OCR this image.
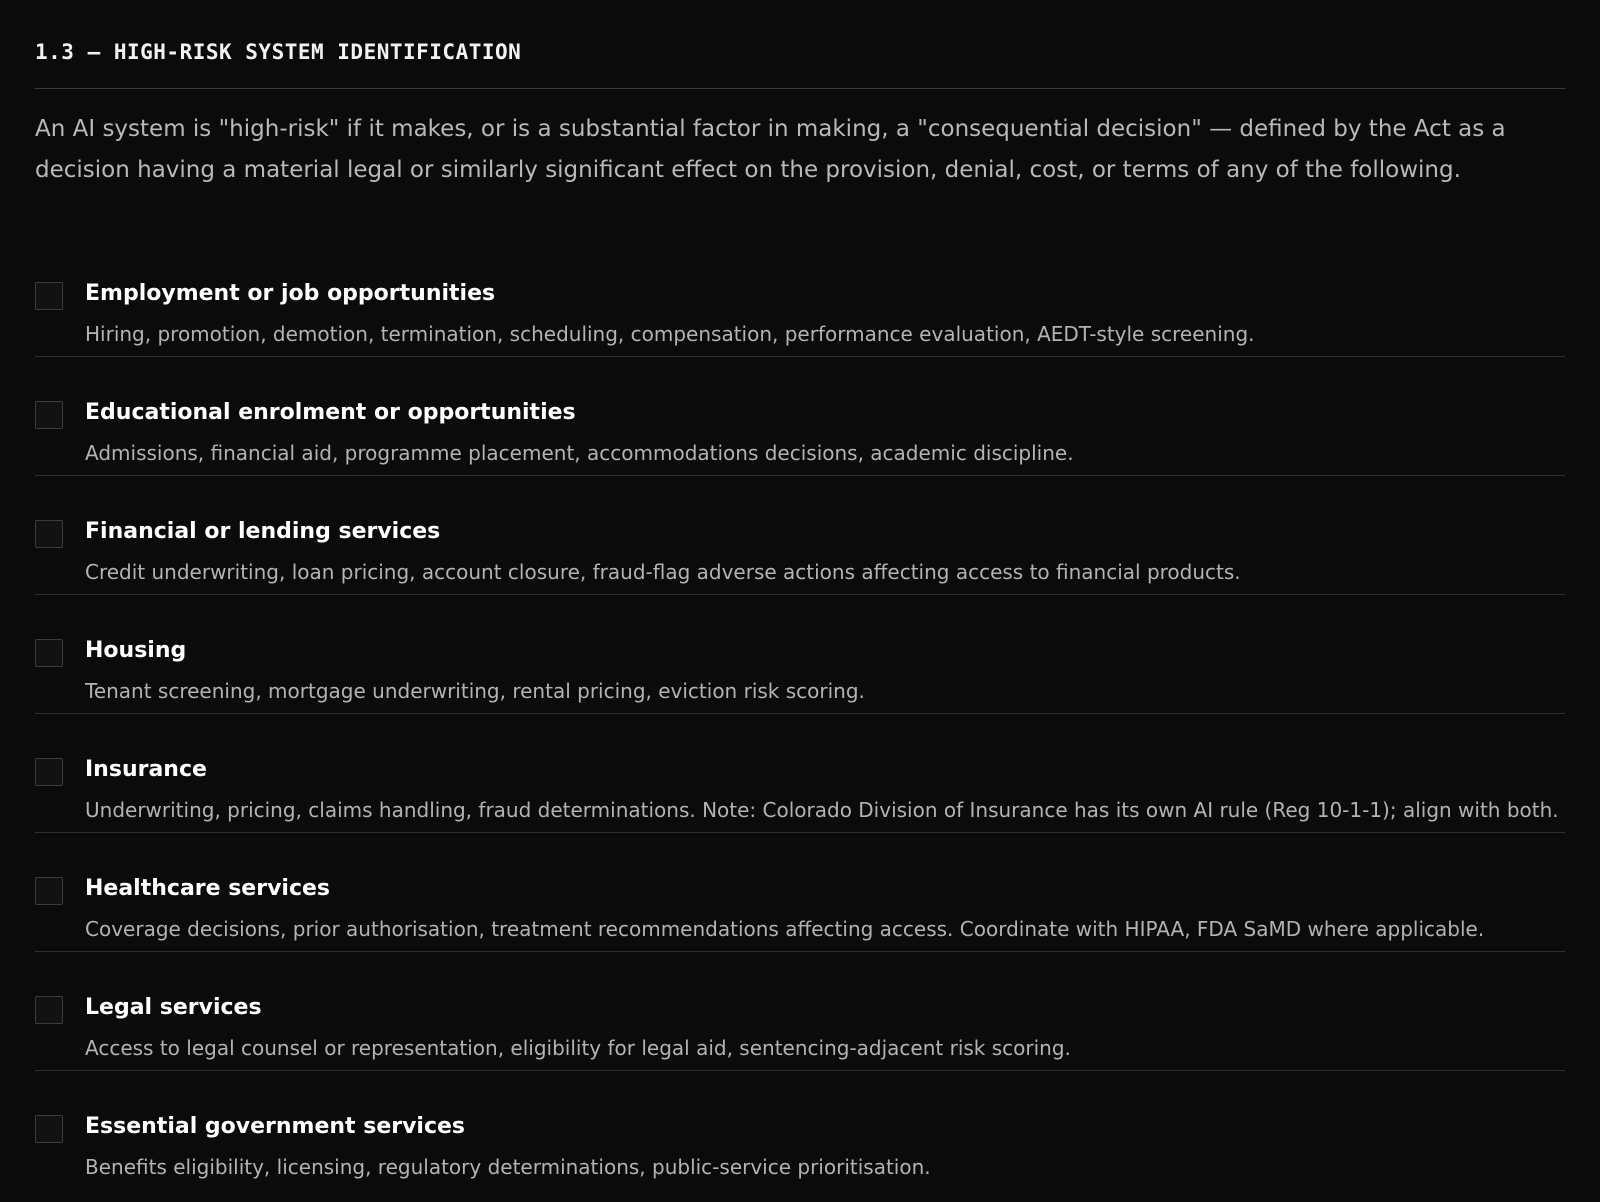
1.3 — HIGH-RISK SYSTEM IDENTIFICATION

An AI system is "high-risk" if it makes, or is a substantial factor in making, a "consequential decision" — defined by the Act as a decision having a material legal or similarly significant effect on the provision, denial, cost, or terms of any of the following.

Employment or job opportunities
Hiring, promotion, demotion, termination, scheduling, compensation, performance evaluation, AEDT-style screening.
Educational enrolment or opportunities
Admissions, financial aid, programme placement, accommodations decisions, academic discipline.
Financial or lending services
Credit underwriting, loan pricing, account closure, fraud-flag adverse actions affecting access to financial products.
Housing
Tenant screening, mortgage underwriting, rental pricing, eviction risk scoring.
Insurance
Underwriting, pricing, claims handling, fraud determinations. Note: Colorado Division of Insurance has its own AI rule (Reg 10-1-1); align with both.
Healthcare services
Coverage decisions, prior authorisation, treatment recommendations affecting access. Coordinate with HIPAA, FDA SaMD where applicable.
Legal services
Access to legal counsel or representation, eligibility for legal aid, sentencing-adjacent risk scoring.
Essential government services
Benefits eligibility, licensing, regulatory determinations, public-service prioritisation.
